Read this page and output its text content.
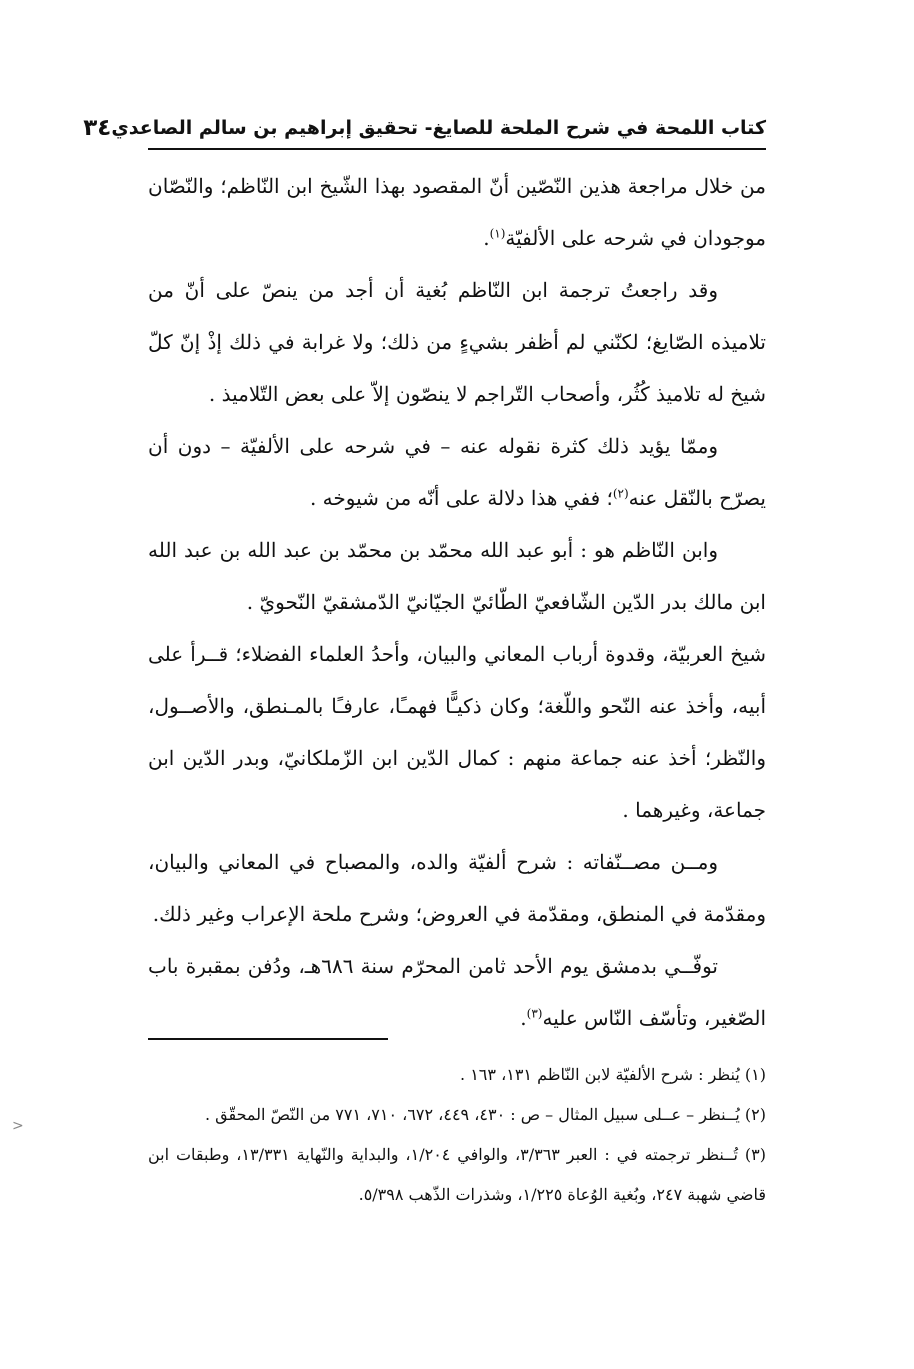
كتاب اللمحة في شرح الملحة للصايغ- تحقيق إبراهيم بن سالم الصاعدي
٣٤

من خلال مراجعة هذين النّصّين أنّ المقصود بهذا الشّيخ ابن النّاظم؛ والنّصّان موجودان في شرحه على الألفيّة$^{(١)}$.

وقد راجعتُ ترجمة ابن النّاظم بُغية أن أجد من ينصّ على أنّ من تلاميذه الصّايغ؛ لكنّني لم أظفر بشيءٍ من ذلك؛ ولا غرابة في ذلك إذْ إنّ كلّ شيخ له تلاميذ كُثُر، وأصحاب التّراجم لا ينصّون إلاّ على بعض التّلاميذ .

وممّا يؤيد ذلك كثرة نقوله عنه – في شرحه على الألفيّة – دون أن يصرّح بالنّقل عنه$^{(٢)}$؛ ففي هذا دلالة على أنّه من شيوخه .

وابن النّاظم هو : أبو عبد الله محمّد بن محمّد بن عبد الله بن عبد الله ابن مالك بدر الدّين الشّافعيّ الطّائيّ الجيّانيّ الدّمشقيّ النّحويّ .

شيخ العربيّة، وقدوة أرباب المعاني والبيان، وأحدُ العلماء الفضلاء؛ قــرأ على أبيه، وأخذ عنه النّحو واللّغة؛ وكان ذكيـًّا فهمـًا، عارفـًا بالمـنطق، والأصــول، والنّظر؛ أخذ عنه جماعة منهم : كمال الدّين ابن الزّملكانيّ، وبدر الدّين ابن جماعة، وغيرهما .

ومــن مصــنّفاته : شرح ألفيّة والده، والمصباح في المعاني والبيان، ومقدّمة في المنطق، ومقدّمة في العروض؛ وشرح ملحة الإعراب وغير ذلك.

توفّــي بدمشق يوم الأحد ثامن المحرّم سنة ٦٨٦هـ، ودُفن بمقبرة باب الصّغير، وتأسّف النّاس عليه$^{(٣)}$.

(١) يُنظر : شرح الألفيّة لابن النّاظم ١٣١، ١٦٣ .

(٢) يُــنظر – عــلى سبيل المثال – ص : ٤٣٠، ٤٤٩، ٦٧٢، ٧١٠، ٧٧١ من النّصّ المحقّق .

(٣) تُــنظر ترجمته في : العبر ٣/٣٦٣، والوافي ١/٢٠٤، والبداية والنّهاية ١٣/٣٣١، وطبقات ابن قاضي شهبة ٢٤٧، وبُغية الوُعاة ١/٢٢٥، وشذرات الذّهب ٥/٣٩٨.

<
